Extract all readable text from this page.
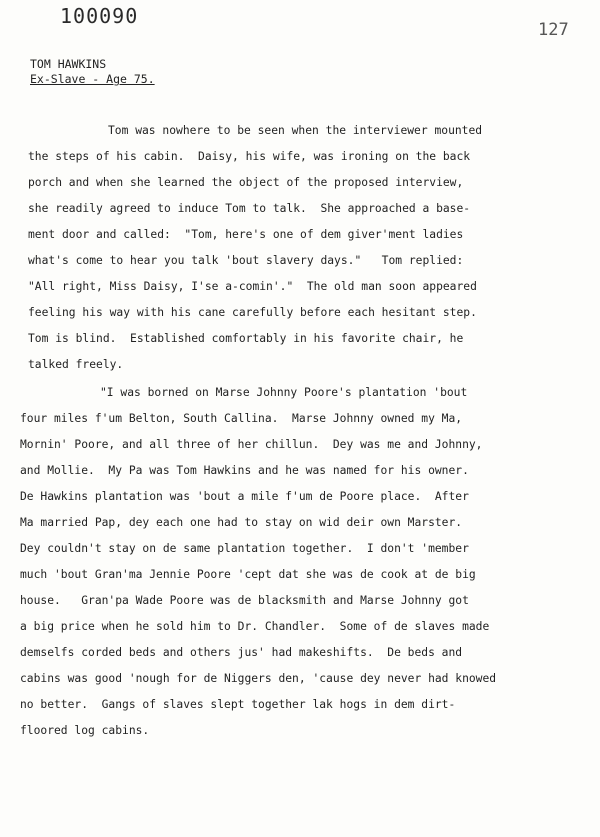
100090
127
TOM HAWKINS
Ex-Slave - Age 75.
Tom was nowhere to be seen when the interviewer mounted
the steps of his cabin.  Daisy, his wife, was ironing on the back
porch and when she learned the object of the proposed interview,
she readily agreed to induce Tom to talk.  She approached a base-
ment door and called:  "Tom, here's one of dem giver'ment ladies
what's come to hear you talk 'bout slavery days."   Tom replied:
"All right, Miss Daisy, I'se a-comin'."  The old man soon appeared
feeling his way with his cane carefully before each hesitant step.
Tom is blind.  Established comfortably in his favorite chair, he
talked freely.
"I was borned on Marse Johnny Poore's plantation 'bout
four miles f'um Belton, South Callina.  Marse Johnny owned my Ma,
Mornin' Poore, and all three of her chillun.  Dey was me and Johnny,
and Mollie.  My Pa was Tom Hawkins and he was named for his owner.
De Hawkins plantation was 'bout a mile f'um de Poore place.  After
Ma married Pap, dey each one had to stay on wid deir own Marster.
Dey couldn't stay on de same plantation together.  I don't 'member
much 'bout Gran'ma Jennie Poore 'cept dat she was de cook at de big
house.   Gran'pa Wade Poore was de blacksmith and Marse Johnny got
a big price when he sold him to Dr. Chandler.  Some of de slaves made
demselfs corded beds and others jus' had makeshifts.  De beds and
cabins was good 'nough for de Niggers den, 'cause dey never had knowed
no better.  Gangs of slaves slept together lak hogs in dem dirt-
floored log cabins.
